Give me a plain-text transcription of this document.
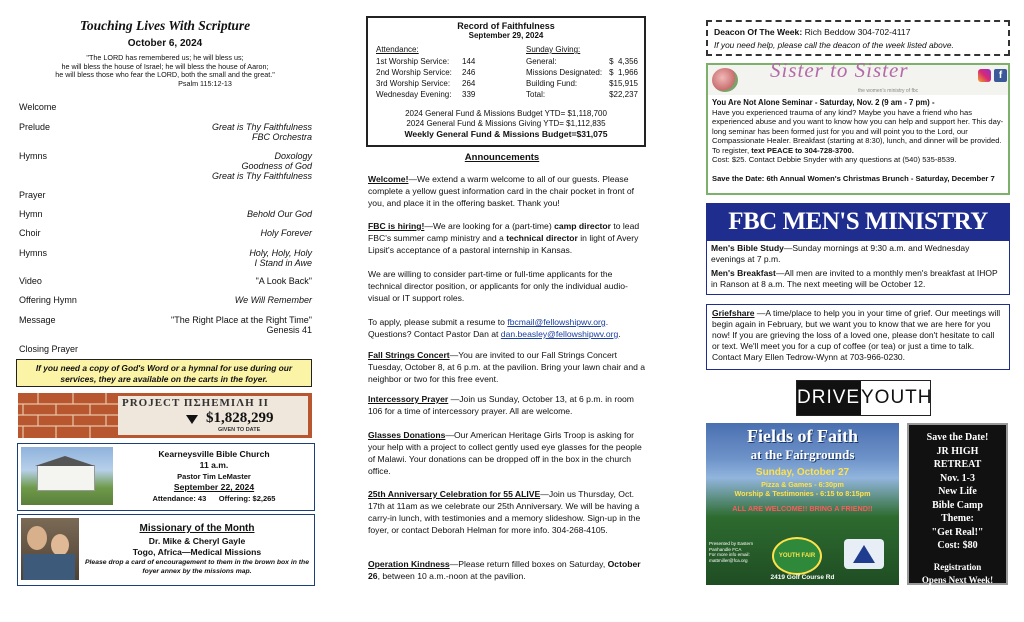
Touching Lives With Scripture
October 6, 2024
"The LORD has remembered us; he will bless us;
he will bless the house of Israel; he will bless the house of Aaron;
he will bless those who fear the LORD, both the small and the great."
Psalm 115:12-13
Welcome
Prelude	Great is Thy Faithfulness
FBC Orchestra
Hymns	Doxology
Goodness of God
Great is Thy Faithfulness
Prayer
Hymn	Behold Our God
Choir	Holy Forever
Hymns	Holy, Holy, Holy
I Stand in Awe
Video	"A Look Back"
Offering Hymn	We Will Remember
Message	"The Right Place at the Right Time"
Genesis 41
Closing Prayer
If you need a copy of God's Word or a hymnal for use during our services, they are available on the carts in the foyer.
PROJECT ΠΣΗΕΜΙΛΗ II
$1,828,299
GIVEN TO DATE
Kearneysville Bible Church
11 a.m.
Pastor Tim LeMaster
September 22, 2024
Attendance: 43 Offering: $2,265
Missionary of the Month
Dr. Mike & Cheryl Gayle
Togo, Africa—Medical Missions
Please drop a card of encouragement to them in the brown box in the foyer annex by the missions map.
Record of Faithfulness
September 29, 2024
Attendance:	Sunday Giving:
1st Worship Service: 144
2nd Worship Service: 246
3rd Worship Service: 264
Wednesday Evening: 339
General:	$  4,356
Missions Designated: $  1,966
Building Fund:	$15,915
Total:	$22,237
2024 General Fund & Missions Budget YTD= $1,118,700
2024 General Fund & Missions Giving YTD= $1,112,835
Weekly General Fund & Missions Budget=$31,075
Announcements

Welcome!—We extend a warm welcome to all of our guests. Please complete a yellow guest information card in the chair pocket in front of you, and place it in the offering basket. Thank you!

FBC is hiring!—We are looking for a (part-time) camp director to lead FBC's summer camp ministry and a technical director in light of Avery Lipsit's acceptance of a pastoral internship in Kansas.

We are willing to consider part-time or full-time applicants for the technical director position, or applicants for only the individual audio-visual or IT support roles.

To apply, please submit a resume to fbcmail@fellowshipwv.org. Questions? Contact Pastor Dan at dan.beasley@fellowshipwv.org.

Fall Strings Concert—You are invited to our Fall Strings Concert Tuesday, October 8, at 6 p.m. at the pavilion. Bring your lawn chair and a neighbor or two for this free event.

Intercessory Prayer —Join us Sunday, October 13, at 6 p.m. in room 106 for a time of intercessory prayer. All are welcome.

Glasses Donations—Our American Heritage Girls Troop is asking for your help with a project to collect gently used eye glasses for the people of Malawi. Your donations can be dropped off in the box in the church office.

25th Anniversary Celebration for 55 ALIVE—Join us Thursday, Oct. 17th at 11am as we celebrate our 25th Anniversary. We will be having a carry-in lunch, with testimonies and a memory slideshow. Sign-up in the foyer, or contact Deborah Helman for more info. 304-268-4105.

Operation Kindness—Please return filled boxes on Saturday, October 26, between 10 a.m.-noon at the pavilion.

Deacon Of The Week: Rich Beddow 304-702-4117
If you need help, please call the deacon of the week listed above.
Sister to Sister
the women's ministry of fbc
f
You Are Not Alone Seminar - Saturday, Nov. 2 (9 am - 7 pm) -
Have you experienced trauma of any kind? Maybe you have a friend who has experienced abuse and you want to know how you can help and support her. This day-long seminar has been formed just for you and will point you to the Lord, our Compassionate Healer. Breakfast (starting at 8:30), lunch, and dinner will be provided. To register, text PEACE to 304-728-3700.
Cost: $25. Contact Debbie Snyder with any questions at (540) 535-8539.
Save the Date: 6th Annual Women's Christmas Brunch - Saturday, December 7
FBC MEN'S MINISTRY
Men's Bible Study—Sunday mornings at 9:30 a.m. and Wednesday evenings at 7 p.m.
Men's Breakfast—All men are invited to a monthly men's breakfast at IHOP in Ranson at 8 a.m. The next meeting will be October 12.
Griefshare —A time/place to help you in your time of grief. Our meetings will begin again in February, but we want you to know that we are here for you now! If you are grieving the loss of a loved one, please don't hesitate to call or text. We'll meet you for a cup of coffee (or tea) or just a time to talk. Contact Mary Ellen Tedrow-Wynn at 703-966-0230.
DRIVEN
YOUTH
Fields of Faith
at the Fairgrounds
Sunday, October 27
Pizza & Games - 6:30pm
Worship & Testimonies - 6:15 to 8:15pm
ALL ARE WELCOME!! BRING A FRIEND!!
Presented by Eastern Panhandle FCA
For more info email: mattmiller@fca.org
YOUTH FAIR
2419 Golf Course Rd
Save the Date!
JR HIGH
RETREAT
Nov. 1-3
New Life
Bible Camp
Theme:
"Get Real!"
Cost: $80
Registration
Opens Next Week!
